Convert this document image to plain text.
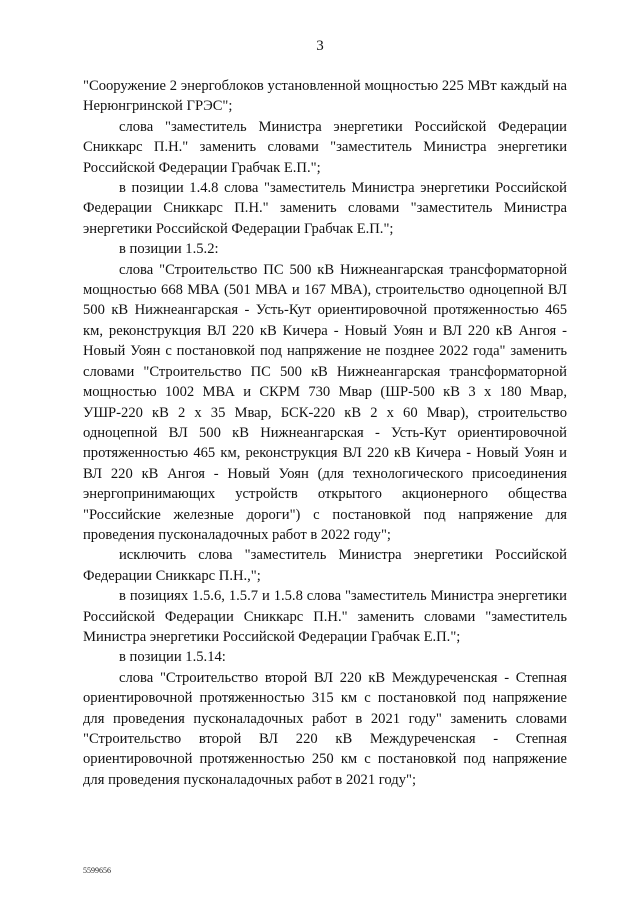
3

"Сооружение 2 энергоблоков установленной мощностью 225 МВт каждый на Нерюнгринской ГРЭС";

слова "заместитель Министра энергетики Российской Федерации Сниккарс П.Н." заменить словами "заместитель Министра энергетики Российской Федерации Грабчак Е.П.";

в позиции 1.4.8 слова "заместитель Министра энергетики Российской Федерации Сниккарс П.Н." заменить словами "заместитель Министра энергетики Российской Федерации Грабчак Е.П.";

в позиции 1.5.2:

слова "Строительство ПС 500 кВ Нижнеангарская трансформаторной мощностью 668 МВА (501 МВА и 167 МВА), строительство одноцепной ВЛ 500 кВ Нижнеангарская - Усть-Кут ориентировочной протяженностью 465 км, реконструкция ВЛ 220 кВ Кичера - Новый Уоян и ВЛ 220 кВ Ангоя - Новый Уоян с постановкой под напряжение не позднее 2022 года" заменить словами "Строительство ПС 500 кВ Нижнеангарская трансформаторной мощностью 1002 МВА и СКРМ 730 Мвар (ШР-500 кВ 3 х 180 Мвар, УШР-220 кВ 2 х 35 Мвар, БСК-220 кВ 2 х 60 Мвар), строительство одноцепной ВЛ 500 кВ Нижнеангарская - Усть-Кут ориентировочной протяженностью 465 км, реконструкция ВЛ 220 кВ Кичера - Новый Уоян и ВЛ 220 кВ Ангоя - Новый Уоян (для технологического присоединения энергопринимающих устройств открытого акционерного общества "Российские железные дороги") с постановкой под напряжение для проведения пусконаладочных работ в 2022 году";

исключить слова "заместитель Министра энергетики Российской Федерации Сниккарс П.Н.,";

в позициях 1.5.6, 1.5.7 и 1.5.8 слова "заместитель Министра энергетики Российской Федерации Сниккарс П.Н." заменить словами "заместитель Министра энергетики Российской Федерации Грабчак Е.П.";

в позиции 1.5.14:

слова "Строительство второй ВЛ 220 кВ Междуреченская - Степная ориентировочной протяженностью 315 км с постановкой под напряжение для проведения пусконаладочных работ в 2021 году" заменить словами "Строительство второй ВЛ 220 кВ Междуреченская - Степная ориентировочной протяженностью 250 км с постановкой под напряжение для проведения пусконаладочных работ в 2021 году";

5599656
